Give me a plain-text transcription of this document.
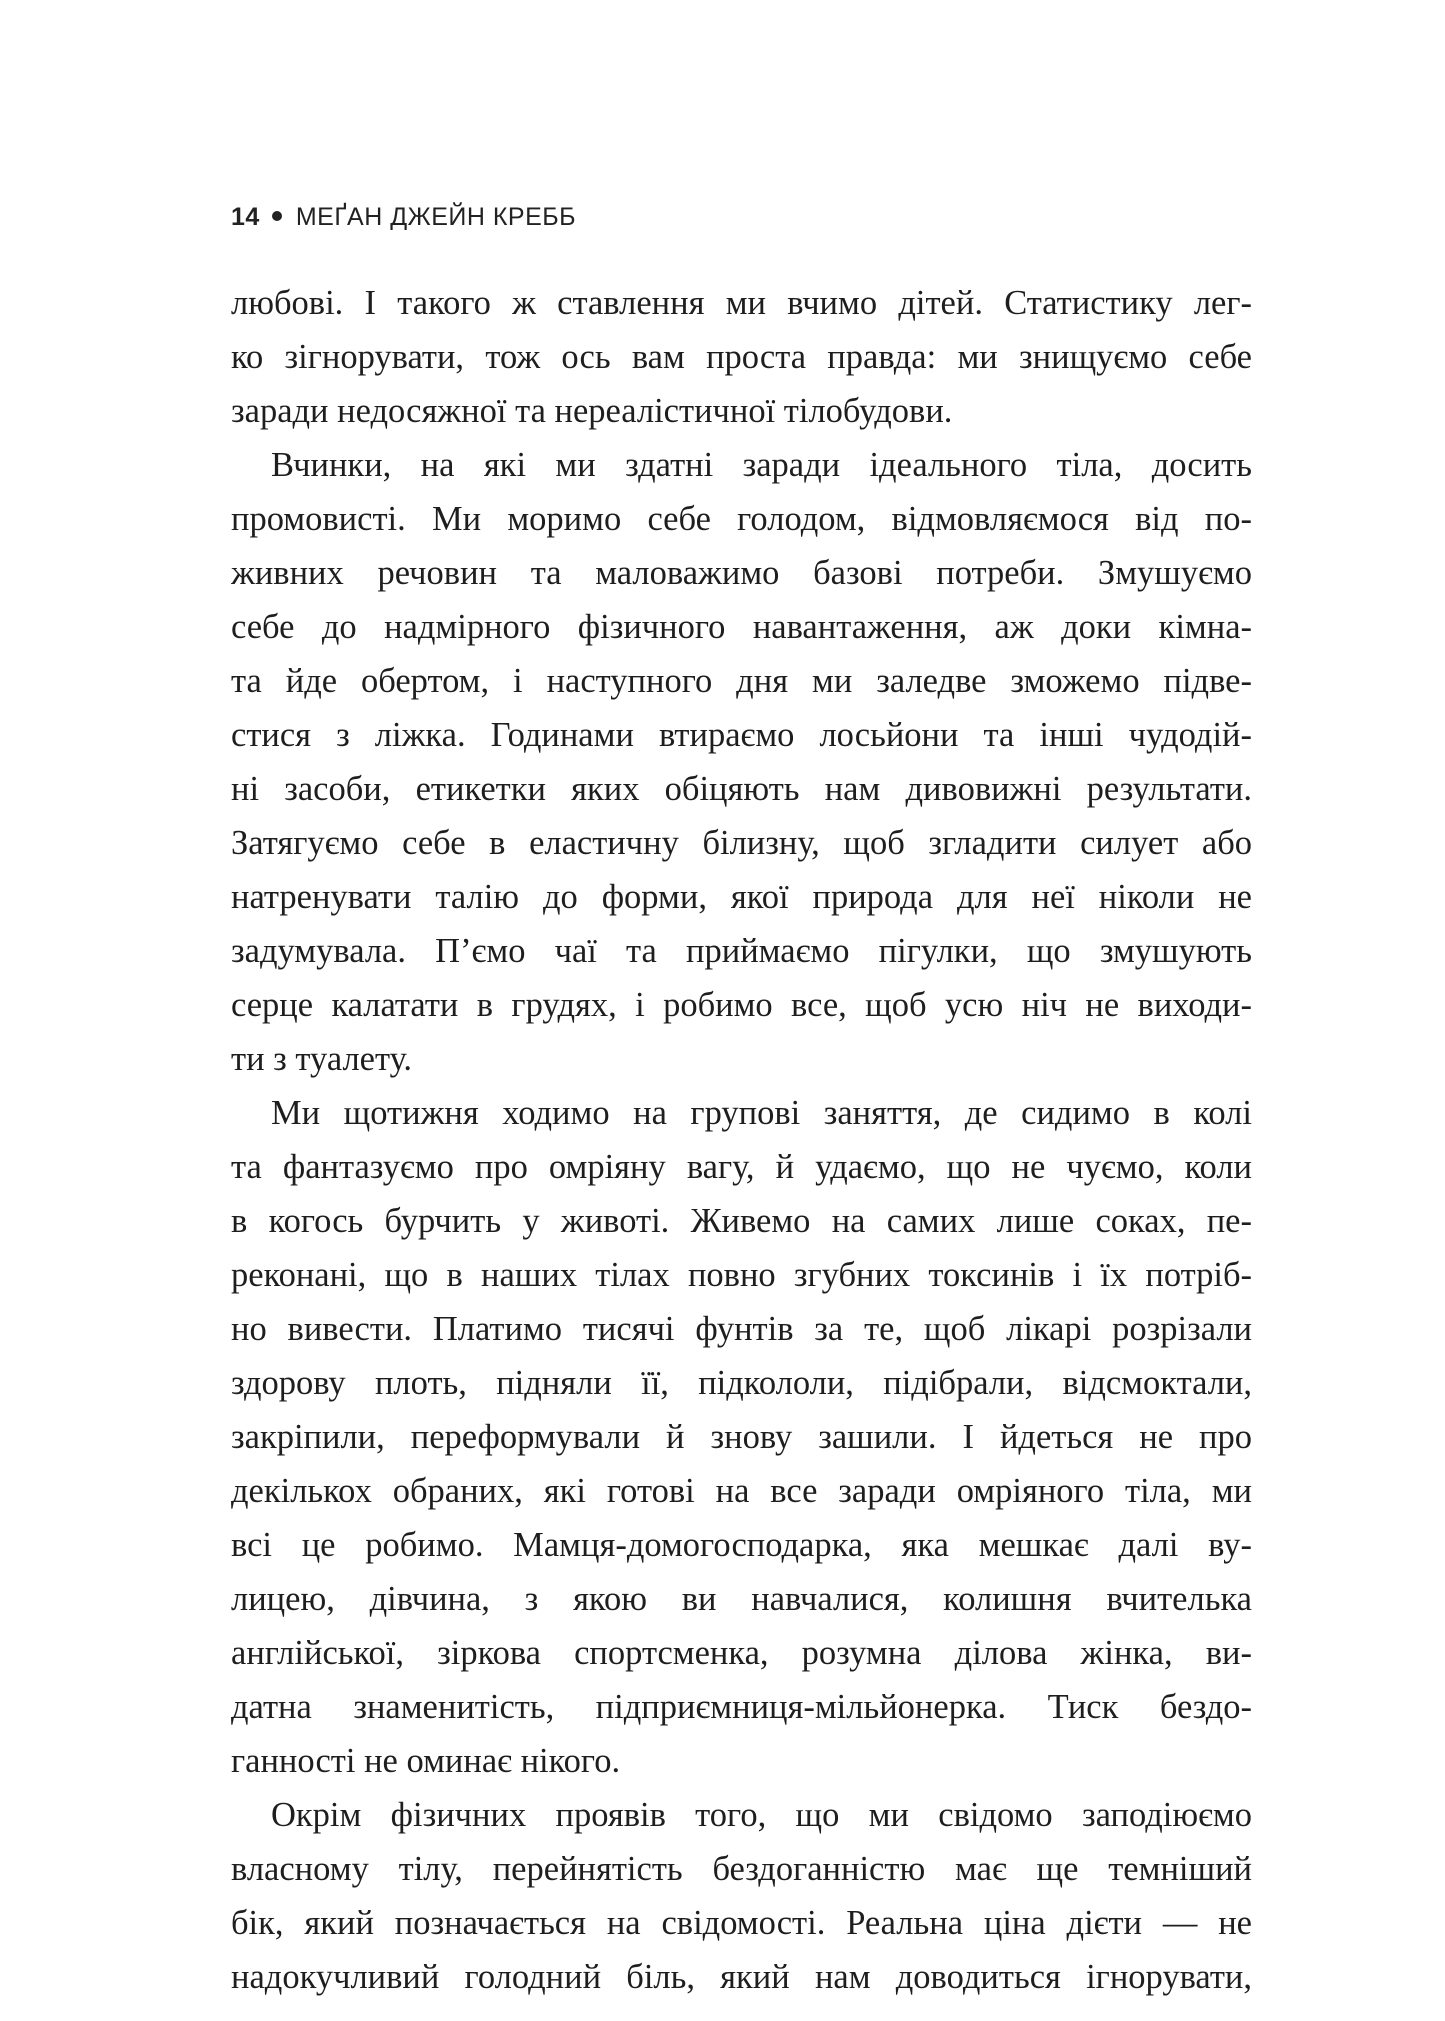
14 МЕҐАН ДЖЕЙН КРЕББ
любові. І такого ж ставлення ми вчимо дітей. Статистику лег-
ко зігнорувати, тож ось вам проста правда: ми знищуємо себе
заради недосяжної та нереалістичної тілобудови.
Вчинки, на які ми здатні заради ідеального тіла, досить
промовисті. Ми моримо себе голодом, відмовляємося від по-
живних речовин та маловажимо базові потреби. Змушуємо
себе до надмірного фізичного навантаження, аж доки кімна-
та йде обертом, і наступного дня ми заледве зможемо підве-
стися з ліжка. Годинами втираємо лосьйони та інші чудодій-
ні засоби, етикетки яких обіцяють нам дивовижні результати.
Затягуємо себе в еластичну білизну, щоб згладити силует або
натренувати талію до форми, якої природа для неї ніколи не
задумувала. П’ємо чаї та приймаємо пігулки, що змушують
серце калатати в грудях, і робимо все, щоб усю ніч не виходи-
ти з туалету.
Ми щотижня ходимо на групові заняття, де сидимо в колі
та фантазуємо про омріяну вагу, й удаємо, що не чуємо, коли
в когось бурчить у животі. Живемо на самих лише соках, пе-
реконані, що в наших тілах повно згубних токсинів і їх потріб-
но вивести. Платимо тисячі фунтів за те, щоб лікарі розрізали
здорову плоть, підняли її, підкололи, підібрали, відсмоктали,
закріпили, переформували й знову зашили. І йдеться не про
декількох обраних, які готові на все заради омріяного тіла, ми
всі це робимо. Мамця-домогосподарка, яка мешкає далі ву-
лицею, дівчина, з якою ви навчалися, колишня вчителька
англійської, зіркова спортсменка, розумна ділова жінка, ви-
датна знаменитість, підприємниця-мільйонерка. Тиск бездо-
ганності не оминає нікого.
Окрім фізичних проявів того, що ми свідомо заподіюємо
власному тілу, перейнятість бездоганністю має ще темніший
бік, який позначається на свідомості. Реальна ціна дієти — не
надокучливий голодний біль, який нам доводиться ігнорувати,
